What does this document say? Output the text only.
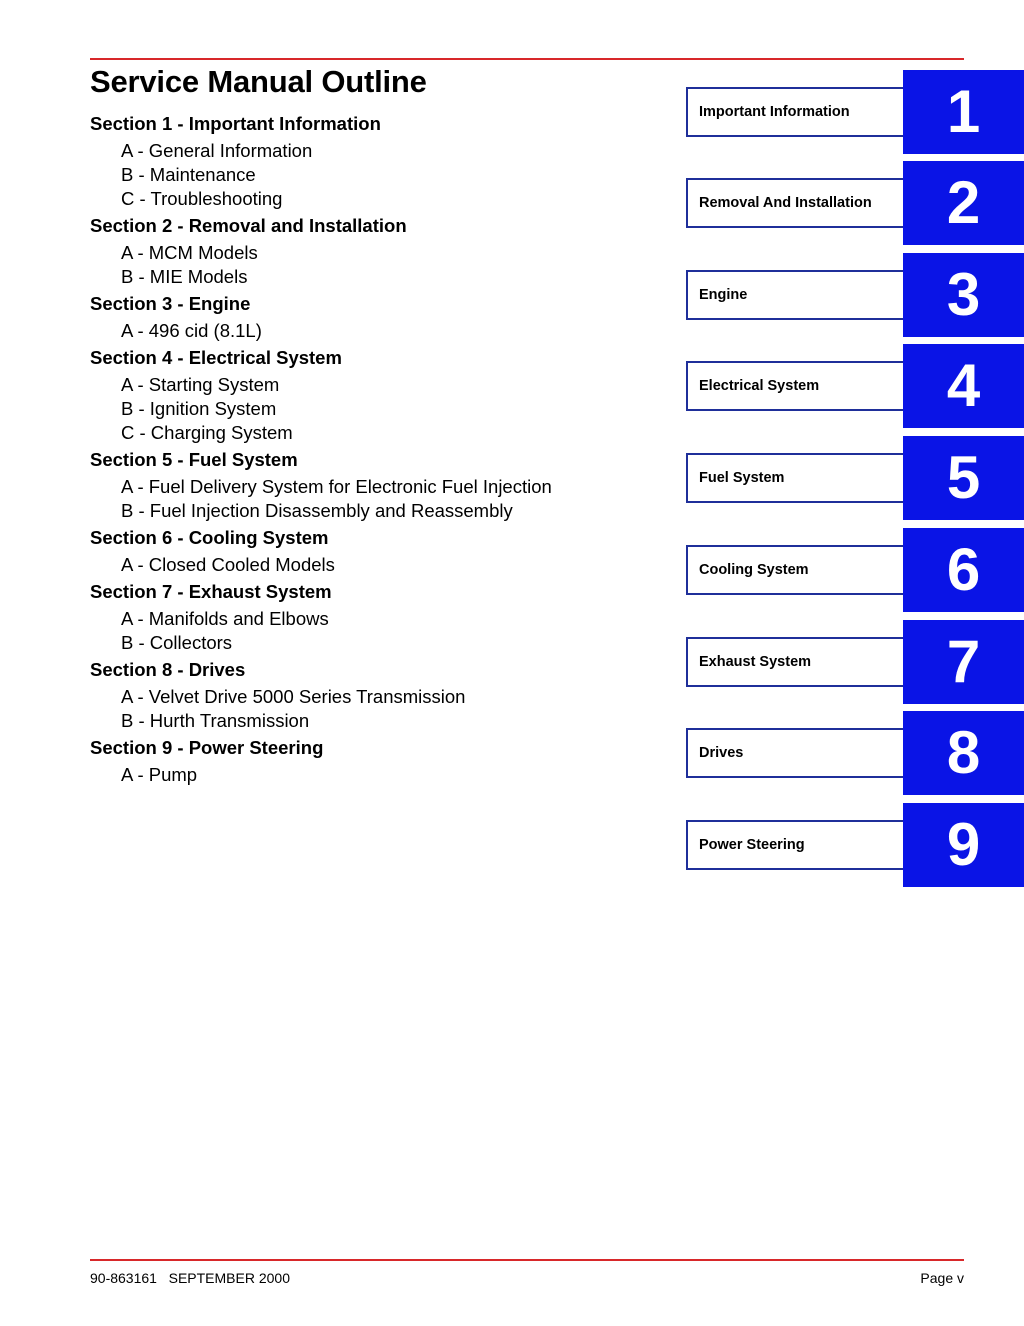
Service Manual Outline
Section 1 - Important Information
A - General Information
B - Maintenance
C - Troubleshooting
Section 2 - Removal and Installation
A - MCM Models
B - MIE Models
Section 3 - Engine
A - 496 cid (8.1L)
Section 4 - Electrical System
A - Starting System
B - Ignition System
C - Charging System
Section 5 - Fuel System
A - Fuel Delivery System for Electronic Fuel Injection
B - Fuel Injection Disassembly and Reassembly
Section 6 - Cooling System
A - Closed Cooled Models
Section 7 - Exhaust System
A - Manifolds and Elbows
B - Collectors
Section 8 - Drives
A - Velvet Drive 5000 Series Transmission
B - Hurth Transmission
Section 9 - Power Steering
A - Pump
Important Information	1
Removal And Installation	2
Engine	3
Electrical System	4
Fuel System	5
Cooling System	6
Exhaust System	7
Drives	8
Power Steering	9
90-863161   SEPTEMBER 2000	Page v
